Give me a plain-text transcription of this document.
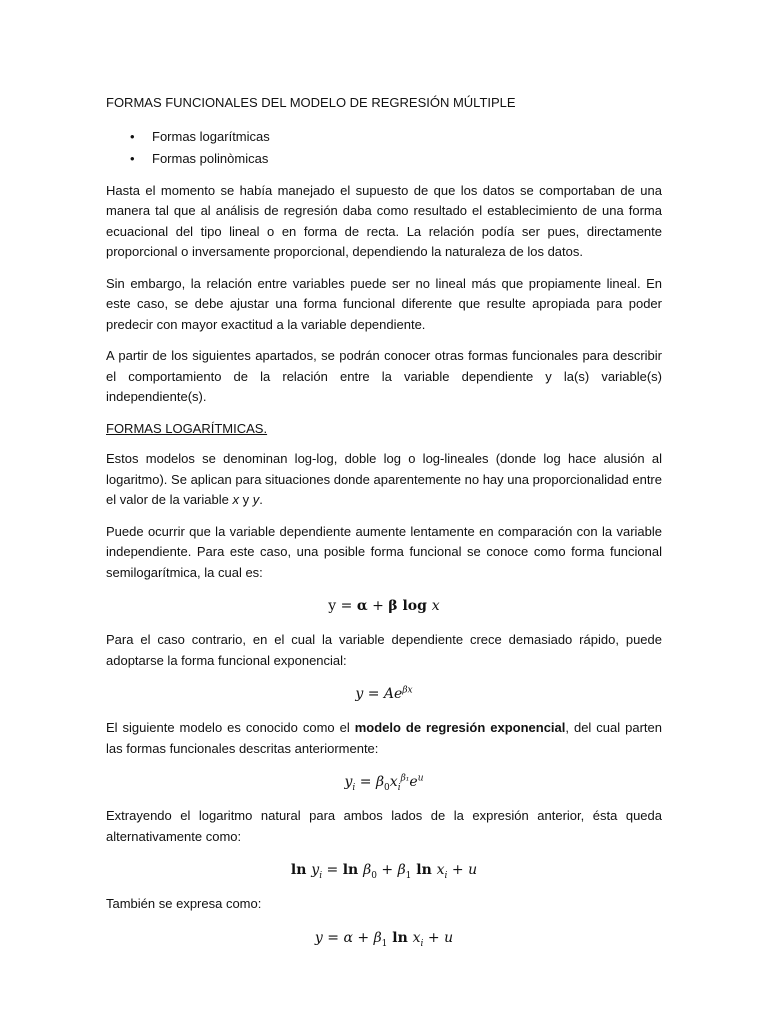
FORMAS FUNCIONALES DEL MODELO DE REGRESIÓN MÚLTIPLE
• Formas logarítmicas
• Formas polinòmicas

Hasta el momento se había manejado el supuesto de que los datos se comportaban de una manera tal que al análisis de regresión daba como resultado el establecimiento de una forma ecuacional del tipo lineal o en forma de recta. La relación podía ser pues, directamente proporcional o inversamente proporcional, dependiendo la naturaleza de los datos.

Sin embargo, la relación entre variables puede ser no lineal más que propiamente lineal. En este caso, se debe ajustar una forma funcional diferente que resulte apropiada para poder predecir con mayor exactitud a la variable dependiente.

A partir de los siguientes apartados, se podrán conocer otras formas funcionales para describir el comportamiento de la relación entre la variable dependiente y la(s) variable(s) independiente(s).

FORMAS LOGARÍTMICAS.

Estos modelos se denominan log-log, doble log o log-lineales (donde log hace alusión al logaritmo). Se aplican para situaciones donde aparentemente no hay una proporcionalidad entre el valor de la variable x y y.

Puede ocurrir que la variable dependiente aumente lentamente en comparación con la variable independiente. Para este caso, una posible forma funcional se conoce como forma funcional semilogarítmica, la cual es:

y = α + β log x

Para el caso contrario, en el cual la variable dependiente crece demasiado rápido, puede adoptarse la forma funcional exponencial:

$y = Ae^{\beta x}$

El siguiente modelo es conocido como el modelo de regresión exponencial, del cual parten las formas funcionales descritas anteriormente:

$y_i = \beta_0x_i^{\beta_1}e^u$

Extrayendo el logaritmo natural para ambos lados de la expresión anterior, ésta queda alternativamente como:

$\ln y_i = \ln \beta_0 + \beta_1$ $\ln x_i + u$

También se expresa como:

$y = \alpha + \beta_1$ $\ln x_i + u$
